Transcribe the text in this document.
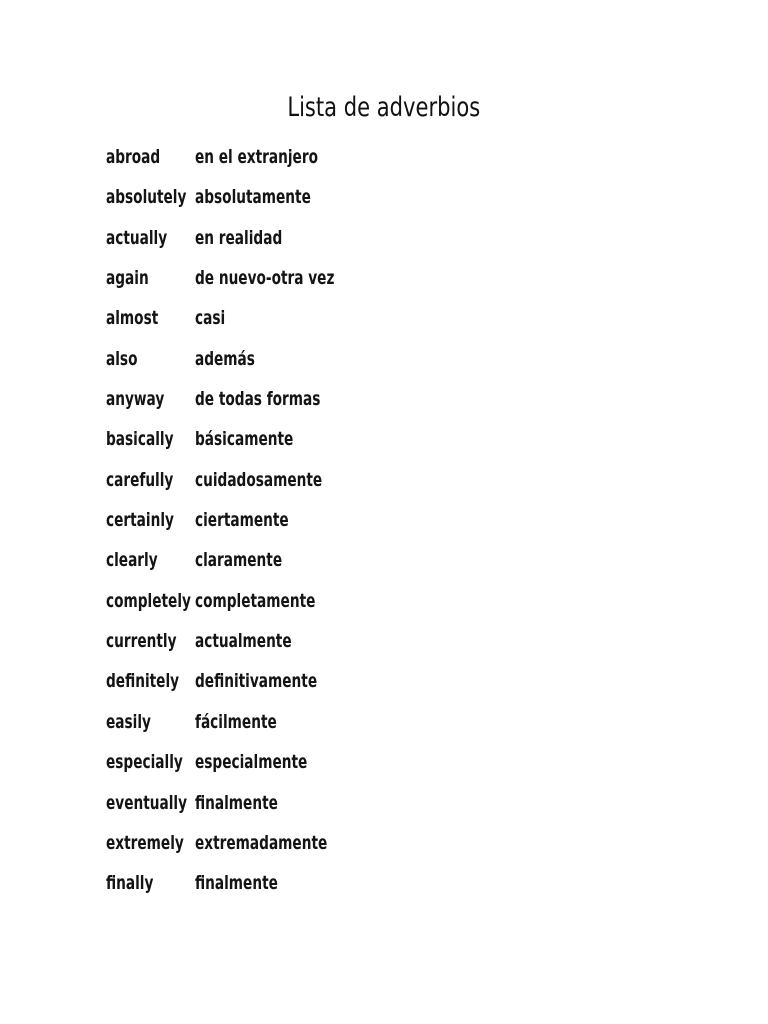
Lista de adverbios
abroad en el extranjero
absolutely absolutamente
actually en realidad
again de nuevo-otra vez
almost casi
also	además
anyway de todas formas
basically básicamente
carefully cuidadosamente
certainly ciertamente
clearly claramente
completely completamente
currently actualmente
definitely definitivamente
easily fácilmente
especially especialmente
eventually finalmente
extremely extremadamente
finally finalmente
